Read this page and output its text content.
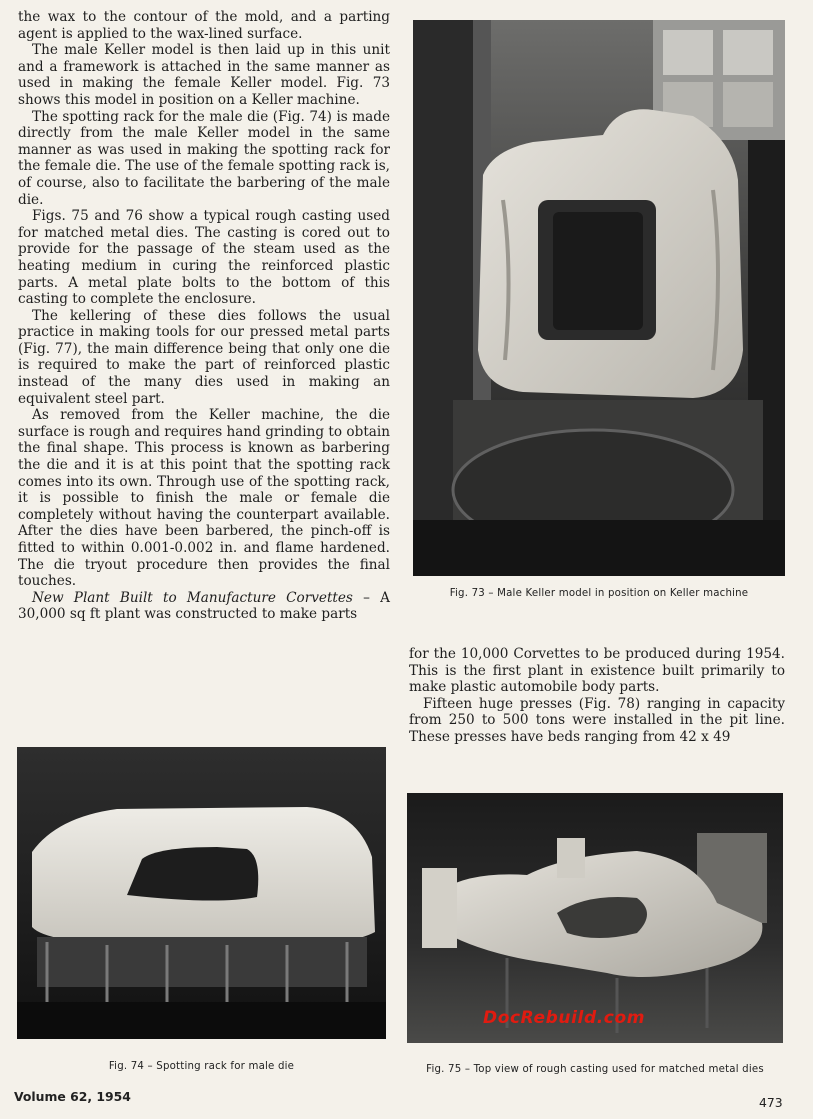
the wax to the contour of the mold, and a parting agent is applied to the wax-lined surface.

The male Keller model is then laid up in this unit and a framework is attached in the same manner as used in making the female Keller model. Fig. 73 shows this model in position on a Keller machine.

The spotting rack for the male die (Fig. 74) is made directly from the male Keller model in the same manner as was used in making the spotting rack for the female die. The use of the female spotting rack is, of course, also to facilitate the barbering of the male die.

Figs. 75 and 76 show a typical rough casting used for matched metal dies. The casting is cored out to provide for the passage of the steam used as the heating medium in curing the reinforced plastic parts. A metal plate bolts to the bottom of this casting to complete the enclosure.

The kellering of these dies follows the usual practice in making tools for our pressed metal parts (Fig. 77), the main difference being that only one die is required to make the part of reinforced plastic instead of the many dies used in making an equivalent steel part.

As removed from the Keller machine, the die surface is rough and requires hand grinding to obtain the final shape. This process is known as barbering the die and it is at this point that the spotting rack comes into its own. Through use of the spotting rack, it is possible to finish the male or female die completely without having the counterpart available. After the dies have been barbered, the pinch-off is fitted to within 0.001-0.002 in. and flame hardened. The die tryout procedure then provides the final touches.

New Plant Built to Manufacture Corvettes – A 30,000 sq ft plant was constructed to make parts

for the 10,000 Corvettes to be produced during 1954. This is the first plant in existence built primarily to make plastic automobile body parts.

Fifteen huge presses (Fig. 78) ranging in capacity from 250 to 500 tons were installed in the pit line. These presses have beds ranging from 42 x 49

Fig. 73 – Male Keller model in position on Keller machine
Fig. 74 – Spotting rack for male die
DocRebuild.com
Fig. 75 – Top view of rough casting used for matched metal dies
Volume 62, 1954	473
